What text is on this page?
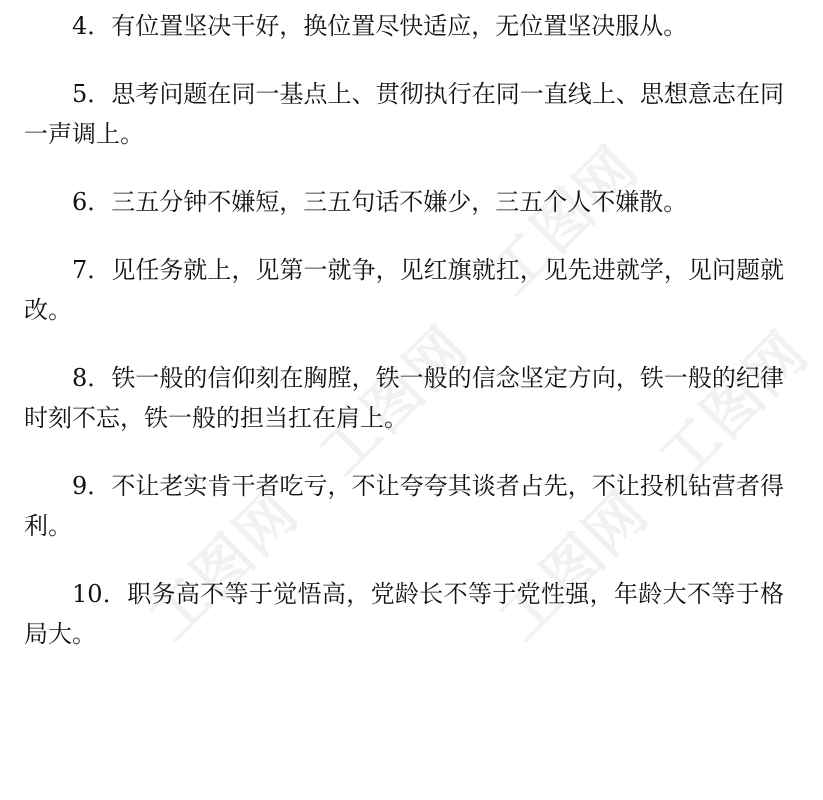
4．有位置坚决干好，换位置尽快适应，无位置坚决服从。

5．思考问题在同一基点上、贯彻执行在同一直线上、思想意志在同一声调上。

6．三五分钟不嫌短，三五句话不嫌少，三五个人不嫌散。

7．见任务就上，见第一就争，见红旗就扛，见先进就学，见问题就改。

8．铁一般的信仰刻在胸膛，铁一般的信念坚定方向，铁一般的纪律时刻不忘，铁一般的担当扛在肩上。

9．不让老实肯干者吃亏，不让夸夸其谈者占先，不让投机钻营者得利。

10．职务高不等于觉悟高，党龄长不等于党性强，年龄大不等于格局大。

工图网
工图网
工图网	工图网
工图网
